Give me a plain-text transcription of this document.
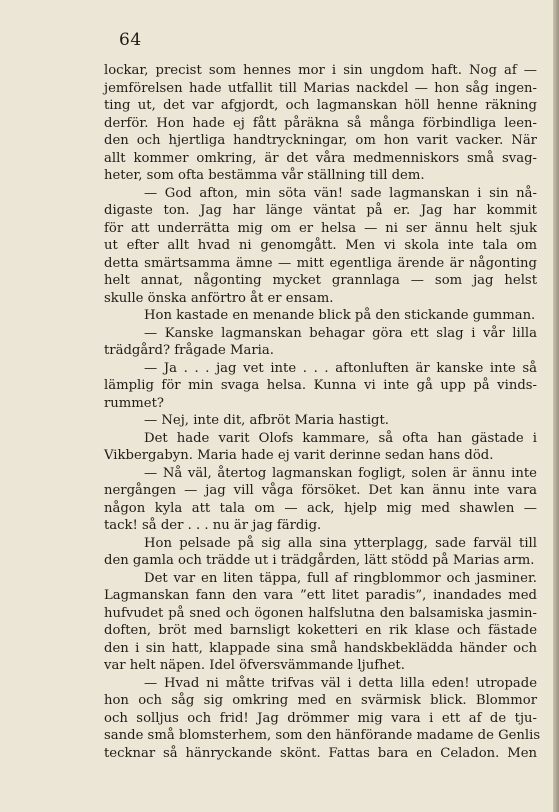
64
lockar, precist som hennes mor i sin ungdom haft. Nog af —
jemförelsen hade utfallit till Marias nackdel — hon såg ingen-
ting ut, det var afgjordt, och lagmanskan höll henne räkning
derför. Hon hade ej fått påräkna så många förbindliga leen-
den och hjertliga handtryckningar, om hon varit vacker. När
allt kommer omkring, är det våra medmenniskors små svag-
heter, som ofta bestämma vår ställning till dem.
— God afton, min söta vän! sade lagmanskan i sin nå-
digaste ton. Jag har länge väntat på er. Jag har kommit
för att underrätta mig om er helsa — ni ser ännu helt sjuk
ut efter allt hvad ni genomgått. Men vi skola inte tala om
detta smärtsamma ämne — mitt egentliga ärende är någonting
helt annat, någonting mycket grannlaga — som jag helst
skulle önska anförtro åt er ensam.
Hon kastade en menande blick på den stickande gumman.
— Kanske lagmanskan behagar göra ett slag i vår lilla
trädgård? frågade Maria.
— Ja . . . jag vet inte . . . aftonluften är kanske inte så
lämplig för min svaga helsa. Kunna vi inte gå upp på vinds-
rummet?
— Nej, inte dit, afbröt Maria hastigt.
Det hade varit Olofs kammare, så ofta han gästade i
Vikbergabyn. Maria hade ej varit derinne sedan hans död.
— Nå väl, återtog lagmanskan fogligt, solen är ännu inte
nergången — jag vill våga försöket. Det kan ännu inte vara
någon kyla att tala om — ack, hjelp mig med shawlen —
tack! så der . . . nu är jag färdig.
Hon pelsade på sig alla sina ytterplagg, sade farväl till
den gamla och trädde ut i trädgården, lätt stödd på Marias arm.
Det var en liten täppa, full af ringblommor och jasminer.
Lagmanskan fann den vara ”ett litet paradis”, inandades med
hufvudet på sned och ögonen halfslutna den balsamiska jasmin-
doften, bröt med barnsligt koketteri en rik klase och fästade
den i sin hatt, klappade sina små handskbeklädda händer och
var helt näpen. Idel öfversvämmande ljufhet.
— Hvad ni måtte trifvas väl i detta lilla eden! utropade
hon och såg sig omkring med en svärmisk blick. Blommor
och solljus och frid! Jag drömmer mig vara i ett af de tju-
sande små blomsterhem, som den hänförande madame de Genlis
tecknar så hänryckande skönt. Fattas bara en Celadon. Men
